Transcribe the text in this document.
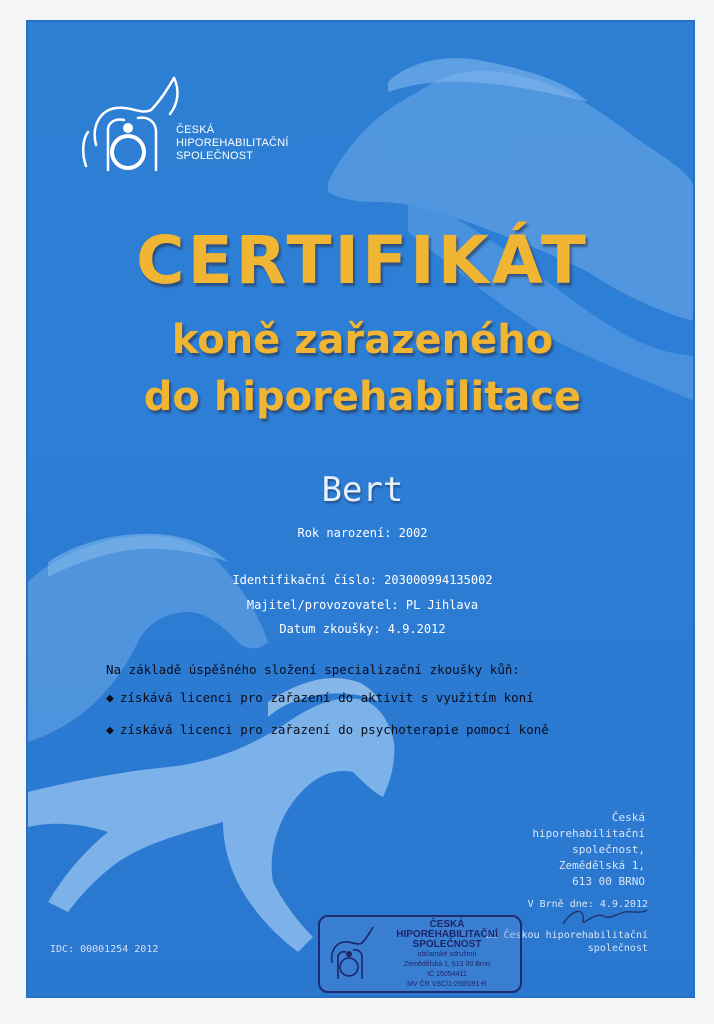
ČESKÁ
HIPOREHABILITAČNÍ
SPOLEČNOST
CERTIFIKÁT
koně zařazeného
do hiporehabilitace
Bert
Rok narození: 2002
Identifikační číslo: 203000994135002
Majitel/provozovatel: PL Jihlava
Datum zkoušky: 4.9.2012
Na základě úspěšného složení specializační zkoušky kůň:
◆ získává licenci pro zařazení do aktivit s využitím koní
◆ získává licenci pro zařazení do psychoterapie pomocí koně
Česká
hiporehabilitační
společnost,
Zemědělská 1,
613 00 BRNO
V Brně dne: 4.9.2012
Za Českou hiporehabilitační
společnost
IDC: 00001254 2012
ČESKÁ HIPOREHABILITAČNÍ
SPOLEČNOST
občanské sdružení
Zemědělská 1, 613 00 Brno
IČ 15054411
MV ČR VSC/1-2565/91-R
